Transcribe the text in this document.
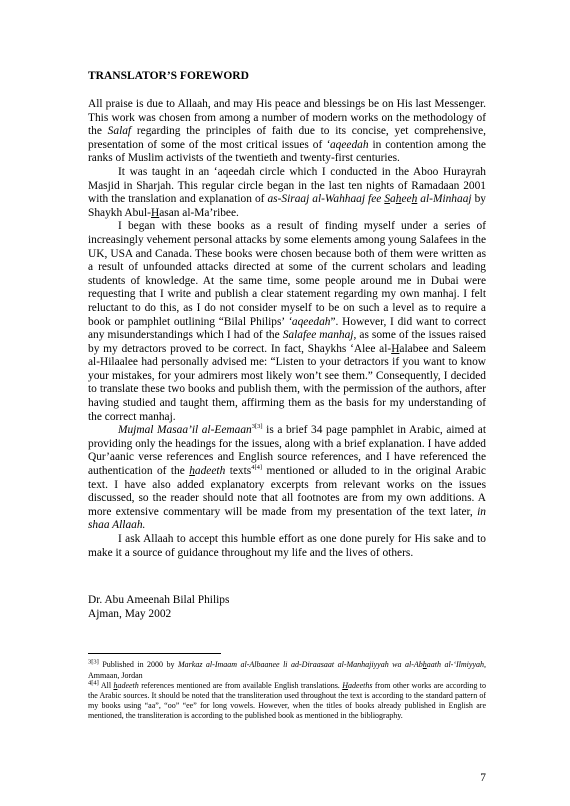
TRANSLATOR’S FOREWORD

All praise is due to Allaah, and may His peace and blessings be on His last Messenger. This work was chosen from among a number of modern works on the methodology of the Salaf regarding the principles of faith due to its concise, yet comprehensive, presentation of some of the most critical issues of ‘aqeedah in contention among the ranks of Muslim activists of the twentieth and twenty-first centuries.

It was taught in an ‘aqeedah circle which I conducted in the Aboo Hurayrah Masjid in Sharjah. This regular circle began in the last ten nights of Ramadaan 2001 with the translation and explanation of as-Siraaj al-Wahhaaj fee Saheeh al-Minhaaj by Shaykh Abul-Hasan al-Ma’ribee.

I began with these books as a result of finding myself under a series of increasingly vehement personal attacks by some elements among young Salafees in the UK, USA and Canada. These books were chosen because both of them were written as a result of unfounded attacks directed at some of the current scholars and leading students of knowledge. At the same time, some people around me in Dubai were requesting that I write and publish a clear statement regarding my own manhaj. I felt reluctant to do this, as I do not consider myself to be on such a level as to require a book or pamphlet outlining “Bilal Philips’ ‘aqeedah”. However, I did want to correct any misunderstandings which I had of the Salafee manhaj, as some of the issues raised by my detractors proved to be correct. In fact, Shaykhs ‘Alee al-Halabee and Saleem al-Hilaalee had personally advised me: “Listen to your detractors if you want to know your mistakes, for your admirers most likely won’t see them.” Consequently, I decided to translate these two books and publish them, with the permission of the authors, after having studied and taught them, affirming them as the basis for my understanding of the correct manhaj.

Mujmal Masaa’il al-Eemaan$^{3[3]}$ is a brief 34 page pamphlet in Arabic, aimed at providing only the headings for the issues, along with a brief explanation. I have added Qur’aanic verse references and English source references, and I have referenced the authentication of the hadeeth texts$^{4[4]}$ mentioned or alluded to in the original Arabic text. I have also added explanatory excerpts from relevant works on the issues discussed, so the reader should note that all footnotes are from my own additions. A more extensive commentary will be made from my presentation of the text later, in shaa Allaah.

I ask Allaah to accept this humble effort as one done purely for His sake and to make it a source of guidance throughout my life and the lives of others.

Dr. Abu Ameenah Bilal Philips
Ajman, May 2002

$^{3[3]}$ Published in 2000 by Markaz al-Imaam al-Albaanee li ad-Diraasaat al-Manhajiyyah wa al-Abhaath al-‘Ilmiyyah, Ammaan, Jordan

$^{4[4]}$ All hadeeth references mentioned are from available English translations. Hadeeths from other works are according to the Arabic sources. It should be noted that the transliteration used throughout the text is according to the standard pattern of my books using “aa”, “oo” “ee” for long vowels. However, when the titles of books already published in English are mentioned, the transliteration is according to the published book as mentioned in the bibliography.

7
